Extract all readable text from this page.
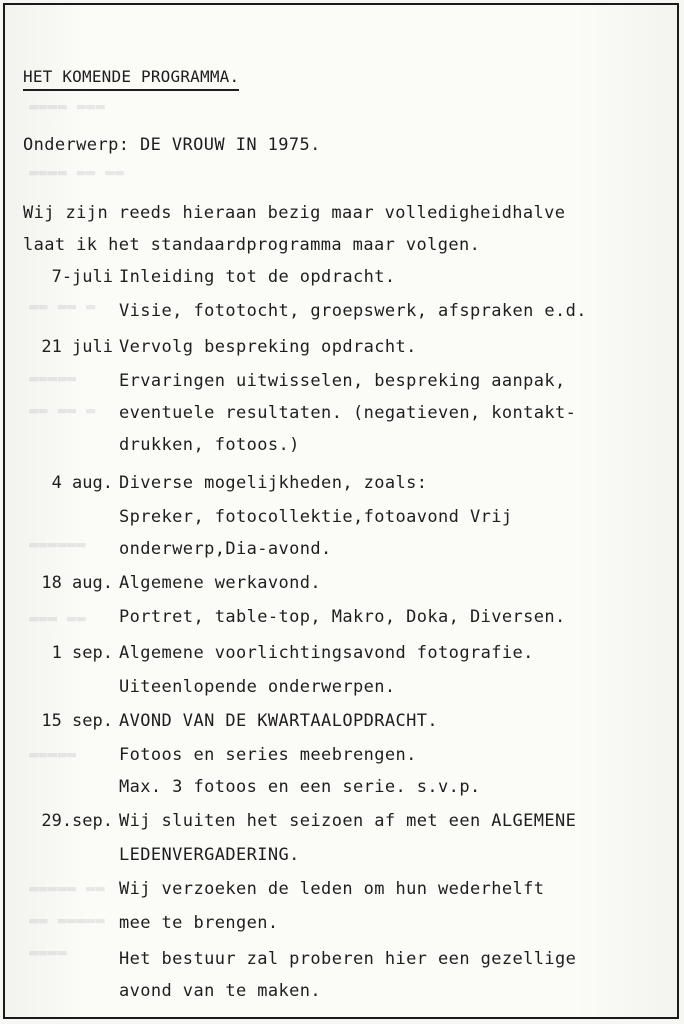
▬▬▬▬ ▬▬▬
▬▬▬▬ ▬▬ ▬▬
▬▬ ▬▬ ▬
▬▬▬▬▬
▬▬ ▬▬ ▬
▬▬▬▬▬▬
▬▬▬ ▬▬
▬▬▬▬▬
▬▬▬▬▬ ▬▬
▬▬ ▬▬▬▬▬
▬▬▬▬
HET KOMENDE PROGRAMMA.
Onderwerp: DE VROUW IN 1975.
Wij zijn reeds hieraan bezig maar volledigheidhalve
laat ik het standaardprogramma maar volgen.
7-juli Inleiding tot de opdracht.
Visie, fototocht, groepswerk, afspraken e.d.
21 juli Vervolg bespreking opdracht.
Ervaringen uitwisselen, bespreking aanpak,
eventuele resultaten. (negatieven, kontakt-
drukken, fotoos.)
4 aug. Diverse mogelijkheden, zoals:
Spreker, fotocollektie,fotoavond Vrij
onderwerp,Dia-avond.
18 aug. Algemene werkavond.
Portret, table-top, Makro, Doka, Diversen.
1 sep. Algemene voorlichtingsavond fotografie.
Uiteenlopende onderwerpen.
15 sep. AVOND VAN DE KWARTAALOPDRACHT.
Fotoos en series meebrengen.
Max. 3 fotoos en een serie. s.v.p.
29.sep. Wij sluiten het seizoen af met een ALGEMENE
LEDENVERGADERING.
Wij verzoeken de leden om hun wederhelft
mee te brengen.
Het bestuur zal proberen hier een gezellige
avond van te maken.
